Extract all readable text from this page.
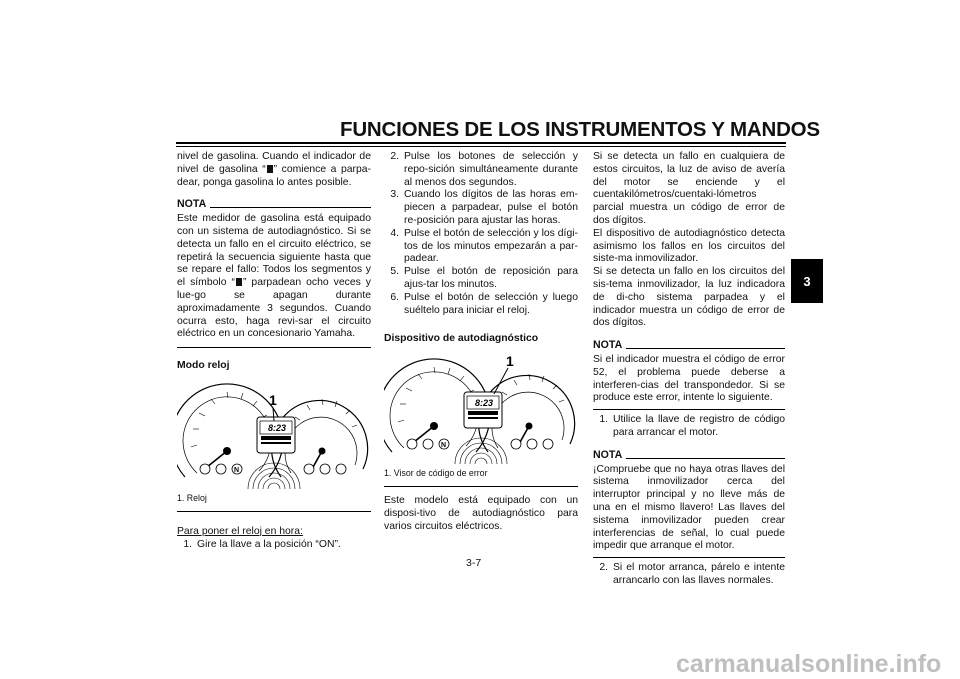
FUNCIONES DE LOS INSTRUMENTOS Y MANDOS
3

nivel de gasolina. Cuando el indicador de nivel de gasolina “ ” comience a parpa-dear, ponga gasolina lo antes posible.

NOTA

Este medidor de gasolina está equipado con un sistema de autodiagnóstico. Si se detecta un fallo en el circuito eléctrico, se repetirá la secuencia siguiente hasta que se repare el fallo: Todos los segmentos y el símbolo “ ” parpadean ocho veces y lue-go se apagan durante aproximadamente 3 segundos. Cuando ocurra esto, haga revi-sar el circuito eléctrico en un concesionario Yamaha.

Modo reloj
8:23
1
N
1. Reloj
Para poner el reloj en hora:
1. Gire la llave a la posición “ON”.
2. Pulse los botones de selección y repo-sición simultáneamente durante al menos dos segundos.
3. Cuando los dígitos de las horas em-piecen a parpadear, pulse el botón re-posición para ajustar las horas.
4. Pulse el botón de selección y los dígi-tos de los minutos empezarán a par-padear.
5. Pulse el botón de reposición para ajus-tar los minutos.
6. Pulse el botón de selección y luego suéltelo para iniciar el reloj.
Dispositivo de autodiagnóstico
8:23
1
N
1. Visor de código de error

Este modelo está equipado con un disposi-tivo de autodiagnóstico para varios circuitos eléctricos.

Si se detecta un fallo en cualquiera de estos circuitos, la luz de aviso de avería del motor se enciende y el cuentakilómetros/cuentaki-lómetros parcial muestra un código de error de dos dígitos.

El dispositivo de autodiagnóstico detecta asimismo los fallos en los circuitos del siste-ma inmovilizador.

Si se detecta un fallo en los circuitos del sis-tema inmovilizador, la luz indicadora de di-cho sistema parpadea y el indicador muestra un código de error de dos dígitos.

NOTA

Si el indicador muestra el código de error 52, el problema puede deberse a interferen-cias del transpondedor. Si se produce este error, intente lo siguiente.

1. Utilice la llave de registro de código para arrancar el motor.
NOTA

¡Compruebe que no haya otras llaves del sistema inmovilizador cerca del interruptor principal y no lleve más de una en el mismo llavero! Las llaves del sistema inmovilizador pueden crear interferencias de señal, lo cual puede impedir que arranque el motor.

2. Si el motor arranca, párelo e intente arrancarlo con las llaves normales.
3-7
carmanualsonline.info
